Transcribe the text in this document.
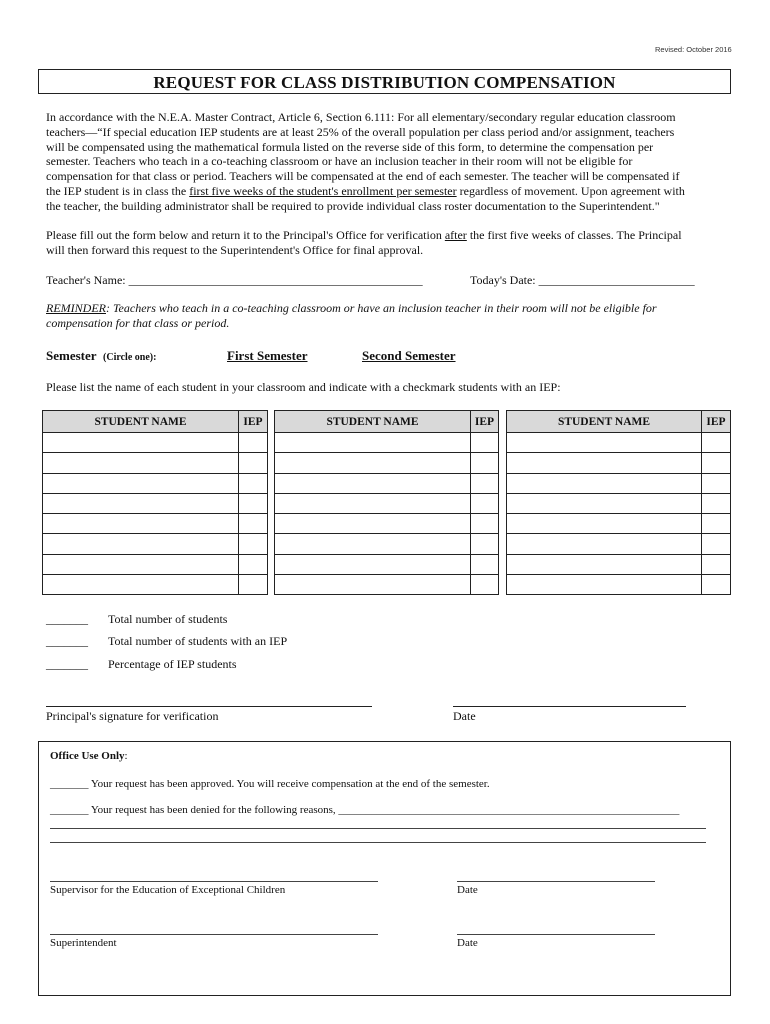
Revised: October 2016
REQUEST FOR CLASS DISTRIBUTION COMPENSATION
In accordance with the N.E.A. Master Contract, Article 6, Section 6.111: For all elementary/secondary regular education classroom
teachers—“If special education IEP students are at least 25% of the overall population per class period and/or assignment, teachers
will be compensated using the mathematical formula listed on the reverse side of this form, to determine the compensation per
semester. Teachers who teach in a co-teaching classroom or have an inclusion teacher in their room will not be eligible for
compensation for that class or period. Teachers will be compensated at the end of each semester. The teacher will be compensated if
the IEP student is in class the first five weeks of the student's enrollment per semester regardless of movement. Upon agreement with
the teacher, the building administrator shall be required to provide individual class roster documentation to the Superintendent."
Please fill out the form below and return it to the Principal's Office for verification after the first five weeks of classes. The Principal
will then forward this request to the Superintendent's Office for final approval.
Teacher's Name: _________________________________________________	Today's Date: __________________________
REMINDER: Teachers who teach in a co-teaching classroom or have an inclusion teacher in their room will not be eligible for
compensation for that class or period.
Semester (Circle one):	First Semester	Second Semester
Please list the name of each student in your classroom and indicate with a checkmark students with an IEP:
STUDENT NAME	IEP

		STUDENT NAME	IEP

		STUDENT NAME	IEP

_______ Total number of students
_______ Total number of students with an IEP
_______ Percentage of IEP students
Principal's signature for verification	Date
Office Use Only:
_______ Your request has been approved. You will receive compensation at the end of the semester.
_______ Your request has been denied for the following reasons, ______________________________________________________________
Supervisor for the Education of Exceptional Children	Date
Superintendent	Date
